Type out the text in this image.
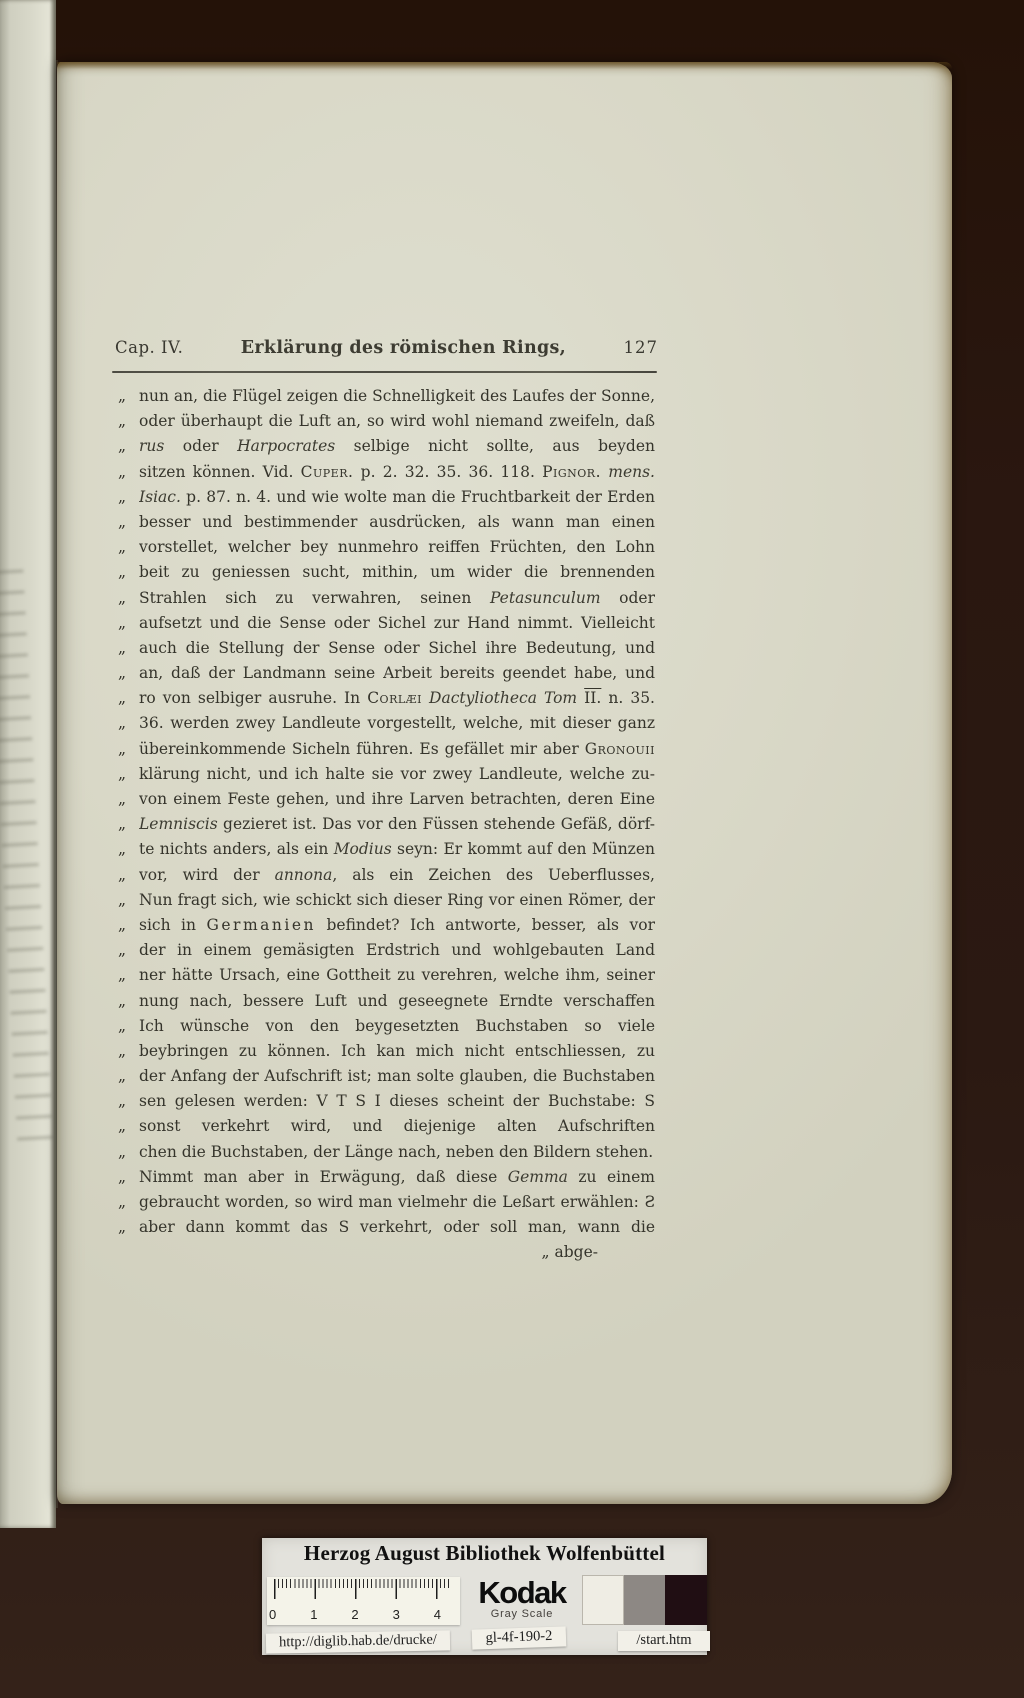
Cap. IV.	Erklärung des römischen Rings,	127
„ nun an, die Flügel zeigen die Schnelligkeit des Laufes der Sonne,
„ oder überhaupt die Luft an, so wird wohl niemand zweifeln, daß
„ rus oder Harpocrates selbige nicht sollte, aus beyden
„ sitzen können. Vid. Cuper. p. 2. 32. 35. 36. 118. Pignor. mens.
„ Isiac. p. 87. n. 4. und wie wolte man die Fruchtbarkeit der Erden
„ besser und bestimmender ausdrücken, als wann man einen
„ vorstellet, welcher bey nunmehro reiffen Früchten, den Lohn
„ beit zu geniessen sucht, mithin, um wider die brennenden
„ Strahlen sich zu verwahren, seinen Petasunculum oder
„ aufsetzt und die Sense oder Sichel zur Hand nimmt. Vielleicht
„ auch die Stellung der Sense oder Sichel ihre Bedeutung, und
„ an, daß der Landmann seine Arbeit bereits geendet habe, und
„ ro von selbiger ausruhe. In Corlæi Dactyliotheca Tom II. n. 35.
„ 36. werden zwey Landleute vorgestellt, welche, mit dieser ganz
„ übereinkommende Sicheln führen. Es gefället mir aber Gronouii
„ klärung nicht, und ich halte sie vor zwey Landleute, welche zu-
„ von einem Feste gehen, und ihre Larven betrachten, deren Eine
„ Lemniscis gezieret ist. Das vor den Füssen stehende Gefäß, dörf-
„ te nichts anders, als ein Modius seyn: Er kommt auf den Münzen
„ vor, wird der annona, als ein Zeichen des Ueberflusses,
„ Nun fragt sich, wie schickt sich dieser Ring vor einen Römer, der
„ sich in Germanien befindet? Ich antworte, besser, als vor
„ der in einem gemäsigten Erdstrich und wohlgebauten Land
„ ner hätte Ursach, eine Gottheit zu verehren, welche ihm, seiner
„ nung nach, bessere Luft und geseegnete Erndte verschaffen
„ Ich wünsche von den beygesetzten Buchstaben so viele
„ beybringen zu können. Ich kan mich nicht entschliessen, zu
„ der Anfang der Aufschrift ist; man solte glauben, die Buchstaben
„ sen gelesen werden: V T S I dieses scheint der Buchstabe: S
„ sonst verkehrt wird, und diejenige alten Aufschriften
„ chen die Buchstaben, der Länge nach, neben den Bildern stehen.
„ Nimmt man aber in Erwägung, daß diese Gemma zu einem
„ gebraucht worden, so wird man vielmehr die Leßart erwählen: Ƨ
„ aber dann kommt das S verkehrt, oder soll man, wann die
„ abge-
Herzog August Bibliothek Wolfenbüttel
0	1	2	3	4
Kodak
Gray Scale
http://diglib.hab.de/drucke/	gl-4f-190-2	/start.htm
